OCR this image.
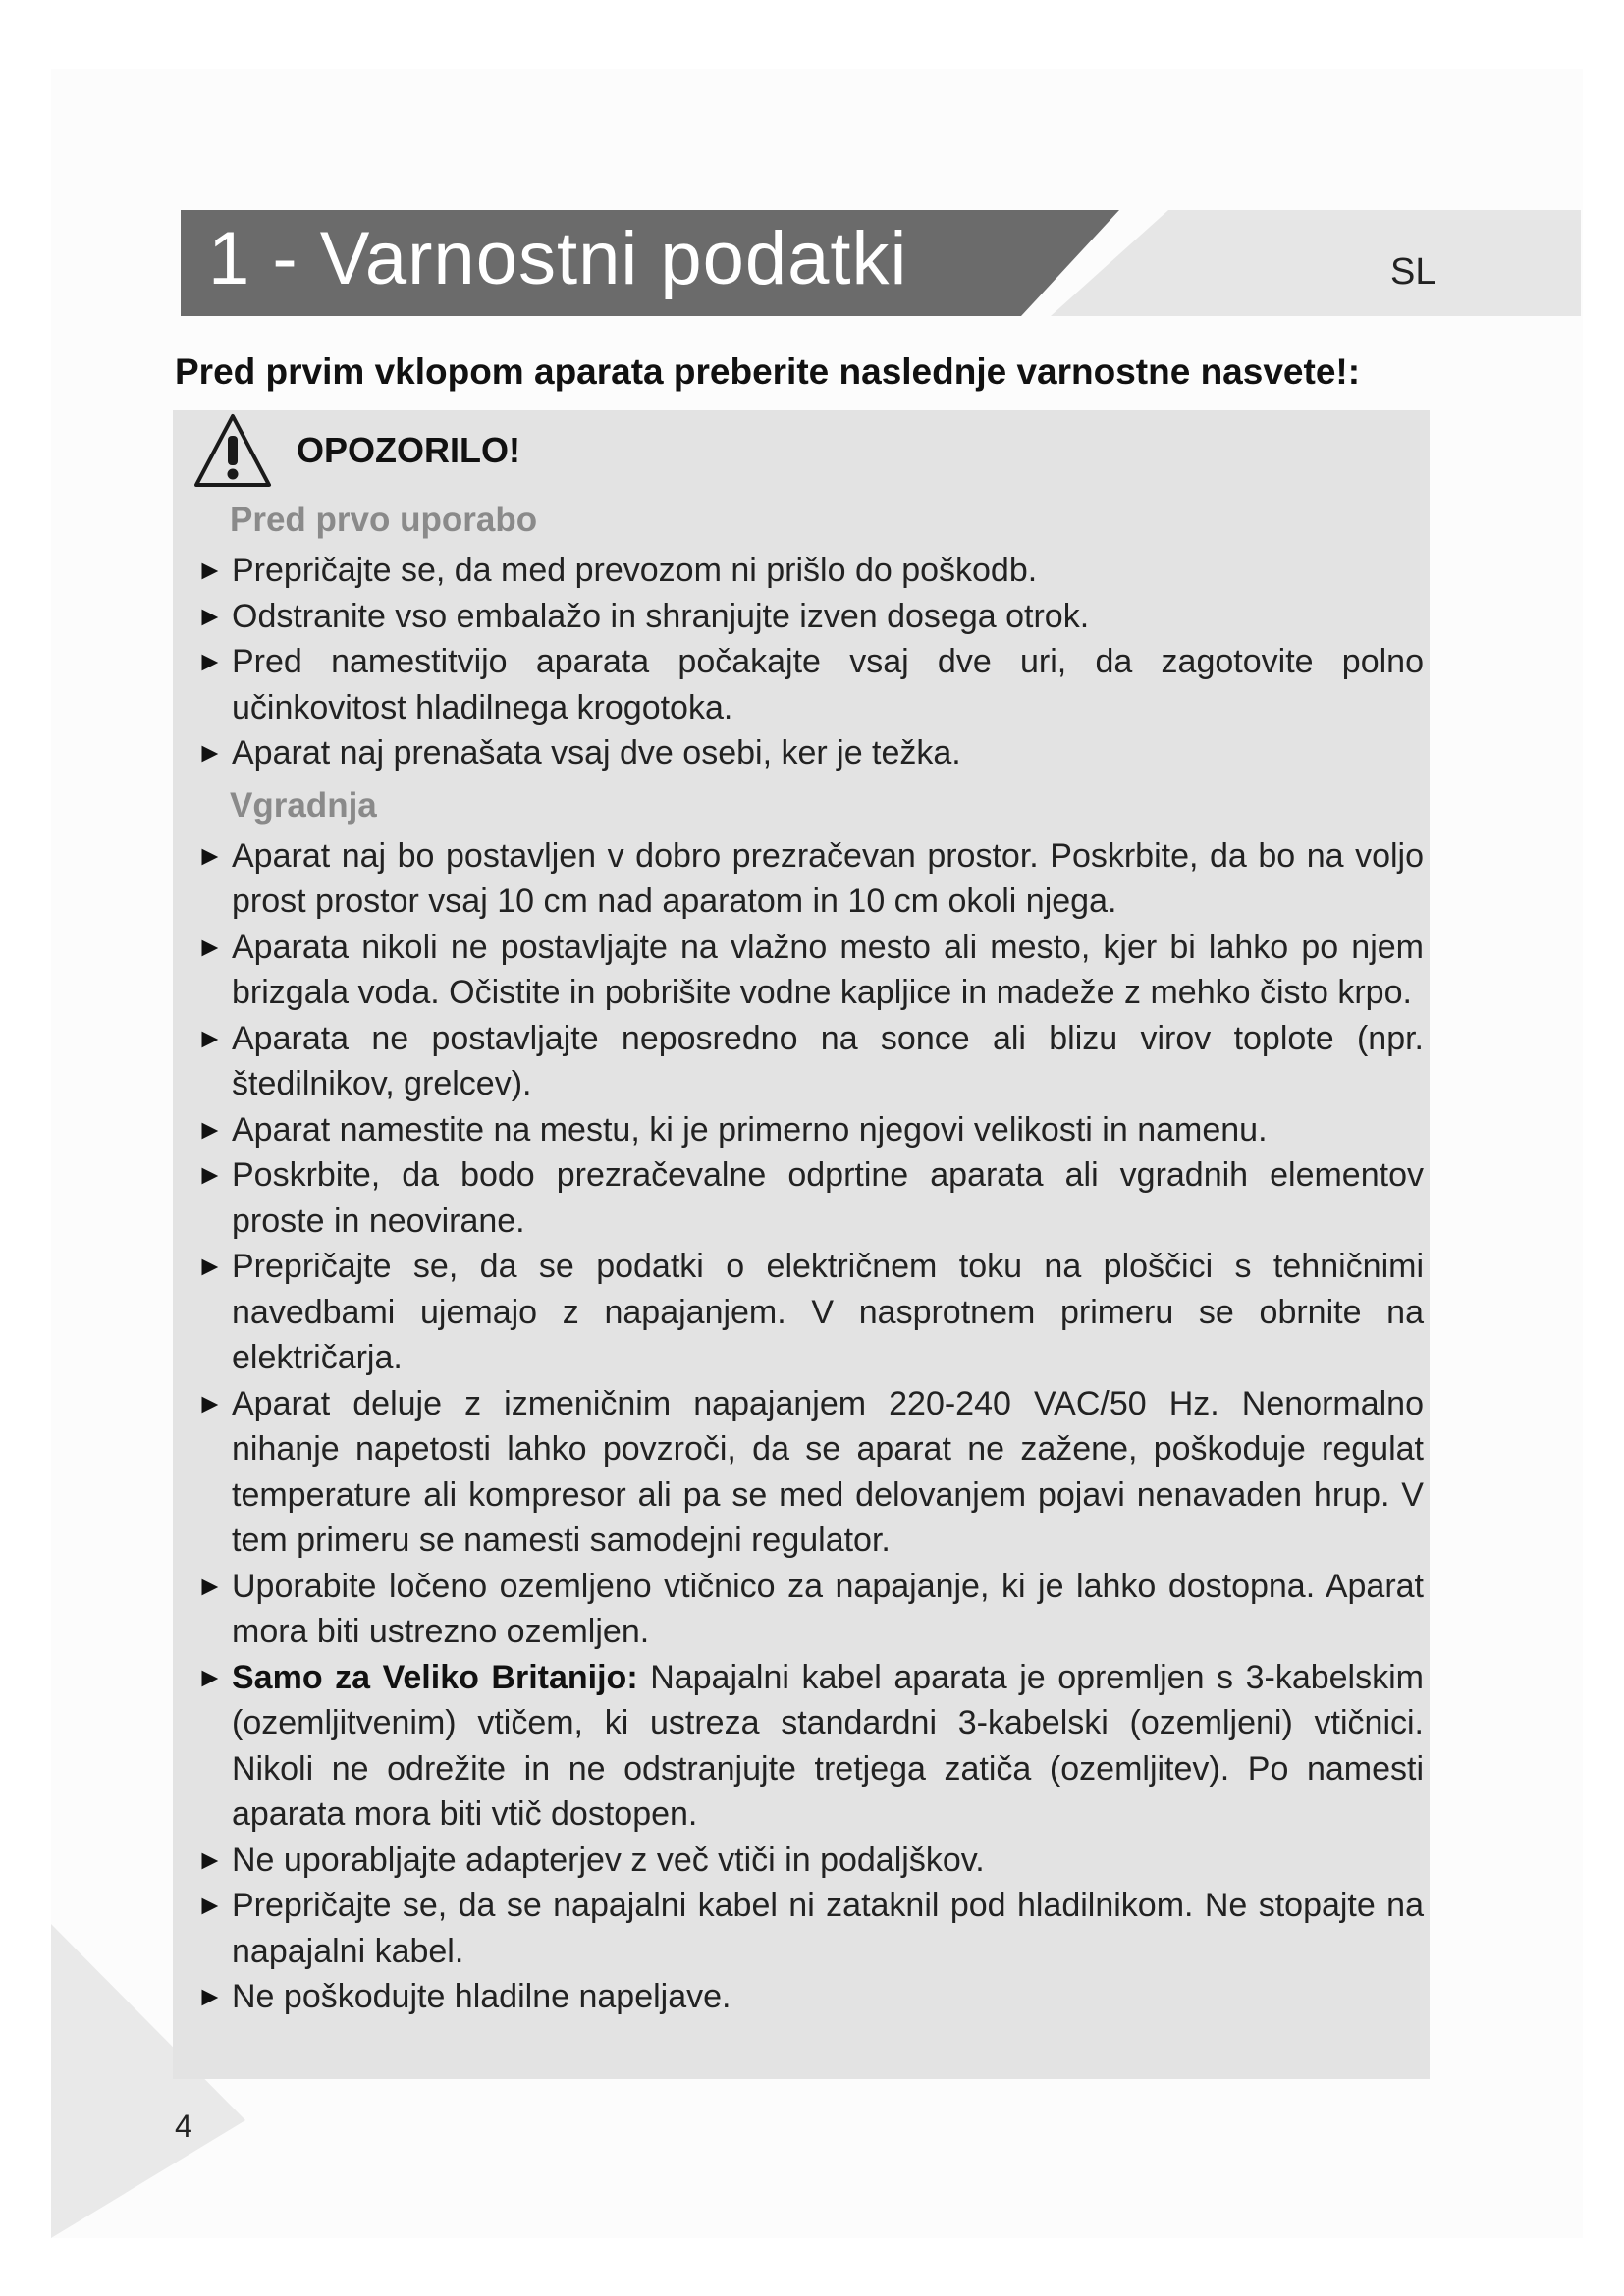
1 - Varnostni podatki	SL
Pred prvim vklopom aparata preberite naslednje varnostne nasvete!:
OPOZORILO!
Pred prvo uporabo
► Prepričajte se, da med prevozom ni prišlo do poškodb.
► Odstranite vso embalažo in shranjujte izven dosega otrok.
► Pred namestitvijo aparata počakajte vsaj dve uri, da zagotovite polno učinkovitost hladilnega krogotoka.
► Aparat naj prenašata vsaj dve osebi, ker je težka.
Vgradnja
► Aparat naj bo postavljen v dobro prezračevan prostor. Poskrbite, da bo na voljo prost prostor vsaj 10 cm nad aparatom in 10 cm okoli njega.
► Aparata nikoli ne postavljajte na vlažno mesto ali mesto, kjer bi lahko po njem brizgala voda. Očistite in pobrišite vodne kapljice in madeže z mehko čisto krpo.
► Aparata ne postavljajte neposredno na sonce ali blizu virov toplote (npr. štedilnikov, grelcev).
► Aparat namestite na mestu, ki je primerno njegovi velikosti in namenu.
► Poskrbite, da bodo prezračevalne odprtine aparata ali vgradnih elementov proste in neovirane.
► Prepričajte se, da se podatki o električnem toku na ploščici s tehničnimi navedbami ujemajo z napajanjem. V nasprotnem primeru se obrnite na električarja.
► Aparat deluje z izmeničnim napajanjem 220-240 VAC/50 Hz. Nenormalno nihanje napetosti lahko povzroči, da se aparat ne zažene, poškoduje regulat temperature ali kompresor ali pa se med delovanjem pojavi nenavaden hrup. V tem primeru se namesti samodejni regulator.
► Uporabite ločeno ozemljeno vtičnico za napajanje, ki je lahko dostopna. Aparat mora biti ustrezno ozemljen.
► Samo za Veliko Britanijo: Napajalni kabel aparata je opremljen s 3-kabelskim (ozemljitvenim) vtičem, ki ustreza standardni 3-kabelski (ozemljeni) vtičnici. Nikoli ne odrežite in ne odstranjujte tretjega zatiča (ozemljitev). Po namesti aparata mora biti vtič dostopen.
► Ne uporabljajte adapterjev z več vtiči in podaljškov.
► Prepričajte se, da se napajalni kabel ni zataknil pod hladilnikom. Ne stopajte na napajalni kabel.
► Ne poškodujte hladilne napeljave.
4
